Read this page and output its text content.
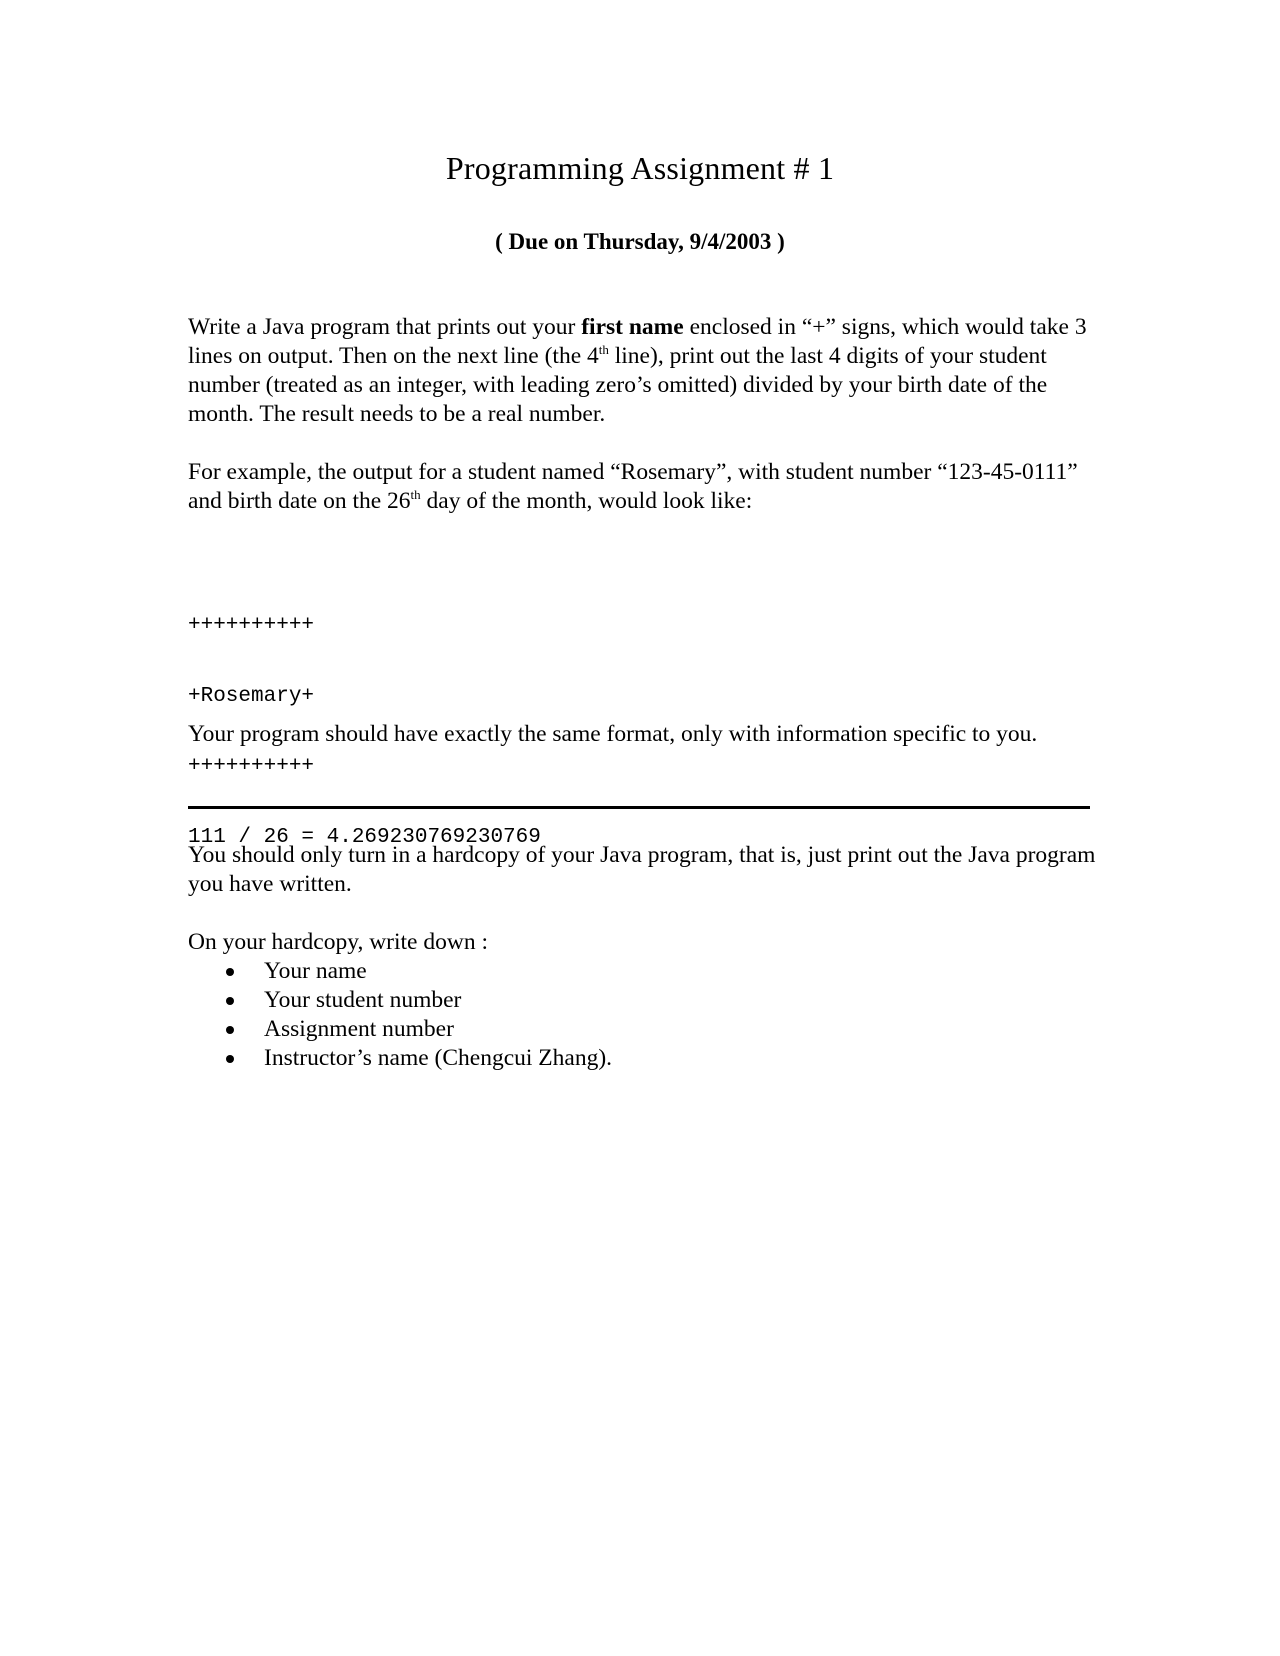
Programming Assignment # 1
( Due on Thursday, 9/4/2003 )

Write a Java program that prints out your first name enclosed in “+” signs, which would take 3 lines on output. Then on the next line (the 4th line), print out the last 4 digits of your student number (treated as an integer, with leading zero’s omitted) divided by your birth date of the month. The result needs to be a real number.

For example, the output for a student named “Rosemary”, with student number “123-45-0111” and birth date on the 26th day of the month, would look like:

++++++++++

+Rosemary+

++++++++++

111 / 26 = 4.269230769230769

Your program should have exactly the same format, only with information specific to you.

You should only turn in a hardcopy of your Java program, that is, just print out the Java program you have written.

On your hardcopy, write down :

Your name
Your student number
Assignment number
Instructor’s name (Chengcui Zhang).
